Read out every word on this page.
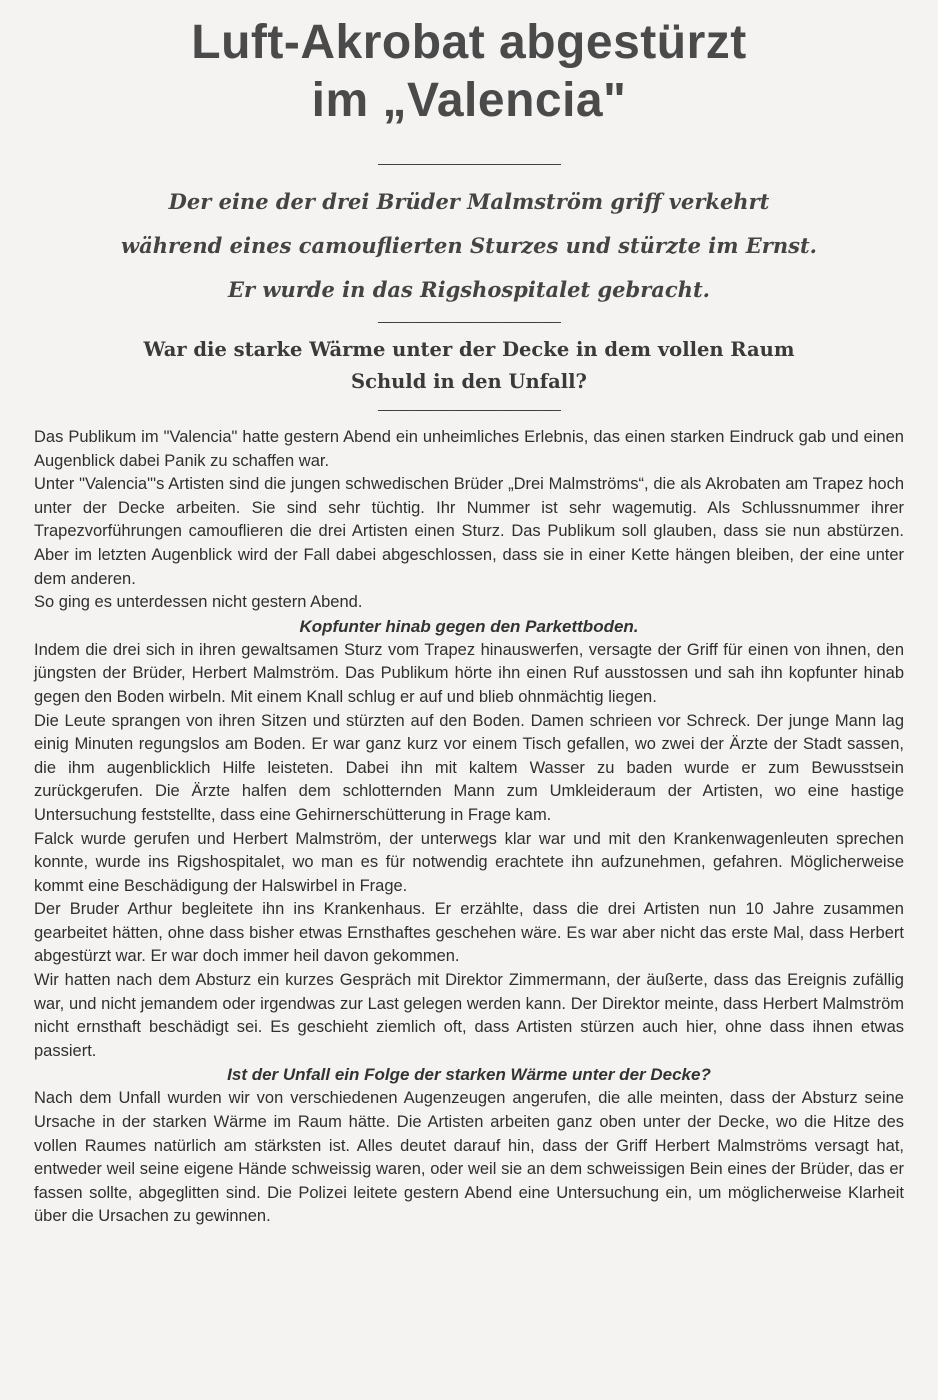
Luft-Akrobat abgestürzt
im „Valencia"
——————————————
Der eine der drei Brüder Malmström griff verkehrt
während eines camouflierten Sturzes und stürzte im Ernst.
Er wurde in das Rigshospitalet gebracht.
——————————————
War die starke Wärme unter der Decke in dem vollen Raum
Schuld in den Unfall?
——————————————

Das Publikum im "Valencia" hatte gestern Abend ein unheimliches Erlebnis, das einen starken Eindruck gab und einen Augenblick dabei Panik zu schaffen war.

Unter "Valencia"'s Artisten sind die jungen schwedischen Brüder „Drei Malmströms“, die als Akrobaten am Trapez hoch unter der Decke arbeiten. Sie sind sehr tüchtig. Ihr Nummer ist sehr wagemutig. Als Schlussnummer ihrer Trapezvorführungen camouflieren die drei Artisten einen Sturz. Das Publikum soll glauben, dass sie nun abstürzen. Aber im letzten Augenblick wird der Fall dabei abgeschlossen, dass sie in einer Kette hängen bleiben, der eine unter dem anderen.

So ging es unterdessen nicht gestern Abend.

Kopfunter hinab gegen den Parkettboden.

Indem die drei sich in ihren gewaltsamen Sturz vom Trapez hinauswerfen, versagte der Griff für einen von ihnen, den jüngsten der Brüder, Herbert Malmström. Das Publikum hörte ihn einen Ruf ausstossen und sah ihn kopfunter hinab gegen den Boden wirbeln. Mit einem Knall schlug er auf und blieb ohnmächtig liegen.

Die Leute sprangen von ihren Sitzen und stürzten auf den Boden. Damen schrieen vor Schreck. Der junge Mann lag einig Minuten regungslos am Boden. Er war ganz kurz vor einem Tisch gefallen, wo zwei der Ärzte der Stadt sassen, die ihm augenblicklich Hilfe leisteten. Dabei ihn mit kaltem Wasser zu baden wurde er zum Bewusstsein zurückgerufen. Die Ärzte halfen dem schlotternden Mann zum Umkleideraum der Artisten, wo eine hastige Untersuchung feststellte, dass eine Gehirnerschütterung in Frage kam.

Falck wurde gerufen und Herbert Malmström, der unterwegs klar war und mit den Krankenwagenleuten sprechen konnte, wurde ins Rigshospitalet, wo man es für notwendig erachtete ihn aufzunehmen, gefahren. Möglicherweise kommt eine Beschädigung der Halswirbel in Frage.

Der Bruder Arthur begleitete ihn ins Krankenhaus. Er erzählte, dass die drei Artisten nun 10 Jahre zusammen gearbeitet hätten, ohne dass bisher etwas Ernsthaftes geschehen wäre. Es war aber nicht das erste Mal, dass Herbert abgestürzt war. Er war doch immer heil davon gekommen.

Wir hatten nach dem Absturz ein kurzes Gespräch mit Direktor Zimmermann, der äußerte, dass das Ereignis zufällig war, und nicht jemandem oder irgendwas zur Last gelegen werden kann. Der Direktor meinte, dass Herbert Malmström nicht ernsthaft beschädigt sei. Es geschieht ziemlich oft, dass Artisten stürzen auch hier, ohne dass ihnen etwas passiert.

Ist der Unfall ein Folge der starken Wärme unter der Decke?

Nach dem Unfall wurden wir von verschiedenen Augenzeugen angerufen, die alle meinten, dass der Absturz seine Ursache in der starken Wärme im Raum hätte. Die Artisten arbeiten ganz oben unter der Decke, wo die Hitze des vollen Raumes natürlich am stärksten ist. Alles deutet darauf hin, dass der Griff Herbert Malmströms versagt hat, entweder weil seine eigene Hände schweissig waren, oder weil sie an dem schweissigen Bein eines der Brüder, das er fassen sollte, abgeglitten sind. Die Polizei leitete gestern Abend eine Untersuchung ein, um möglicherweise Klarheit über die Ursachen zu gewinnen.
